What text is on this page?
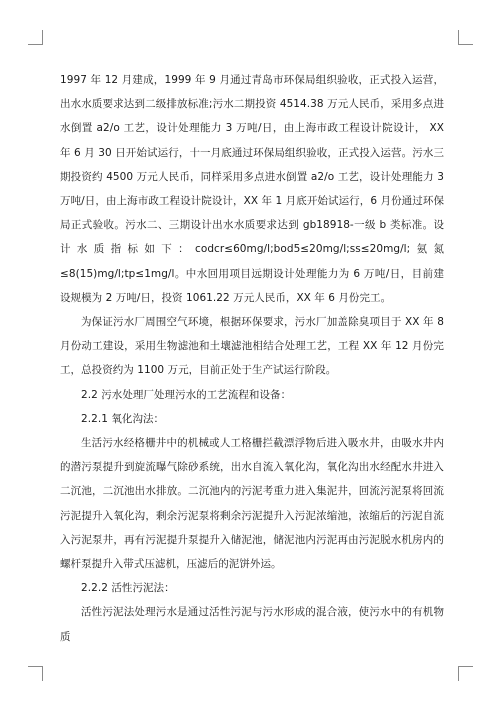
1997 年 12 月建成，1999 年 9 月通过青岛市环保局组织验收，正式投入运营，出水水质要求达到二级排放标准;污水二期投资 4514.38 万元人民币，采用多点进水倒置 a2/o 工艺，设计处理能力 3 万吨/日，由上海市政工程设计院设计， XX 年 6 月 30 日开始试运行，十一月底通过环保局组织验收，正式投入运营。污水三期投资约 4500 万元人民币，同样采用多点进水倒置 a2/o 工艺，设计处理能力 3 万吨/日，由上海市政工程设计院设计，XX 年 1 月底开始试运行，6 月份通过环保局正式验收。污水二、三期设计出水水质要求达到 gb18918-一级 b 类标准。设计水质指标如下：codcr≤60mg/l;bod5≤20mg/l;ss≤20mg/l;氨氮≤8(15)mg/l;tp≤1mg/l。中水回用项目远期设计处理能力为 6 万吨/日，目前建设规模为 2 万吨/日，投资 1061.22 万元人民币，XX 年 6 月份完工。

为保证污水厂周围空气环境，根据环保要求，污水厂加盖除臭项目于 XX 年 8 月份动工建设，采用生物滤池和土壤滤池相结合处理工艺，工程 XX 年 12 月份完工，总投资约为 1100 万元，目前正处于生产试运行阶段。

2.2 污水处理厂处理污水的工艺流程和设备：

2.2.1 氧化沟法：

生活污水经格栅井中的机械或人工格栅拦截漂浮物后进入吸水井，由吸水井内的潜污泵提升到旋流曝气除砂系统，出水自流入氧化沟，氧化沟出水经配水井进入二沉池，二沉池出水排放。二沉池内的污泥考重力进入集泥井，回流污泥泵将回流污泥提升入氧化沟，剩余污泥泵将剩余污泥提升入污泥浓缩池，浓缩后的污泥自流入污泥泵井，再有污泥提升泵提升入储泥池，储泥池内污泥再由污泥脱水机房内的螺杆泵提升入带式压滤机，压滤后的泥饼外运。

2.2.2 活性污泥法：

活性污泥法处理污水是通过活性污泥与污水形成的混合液，使污水中的有机物质
